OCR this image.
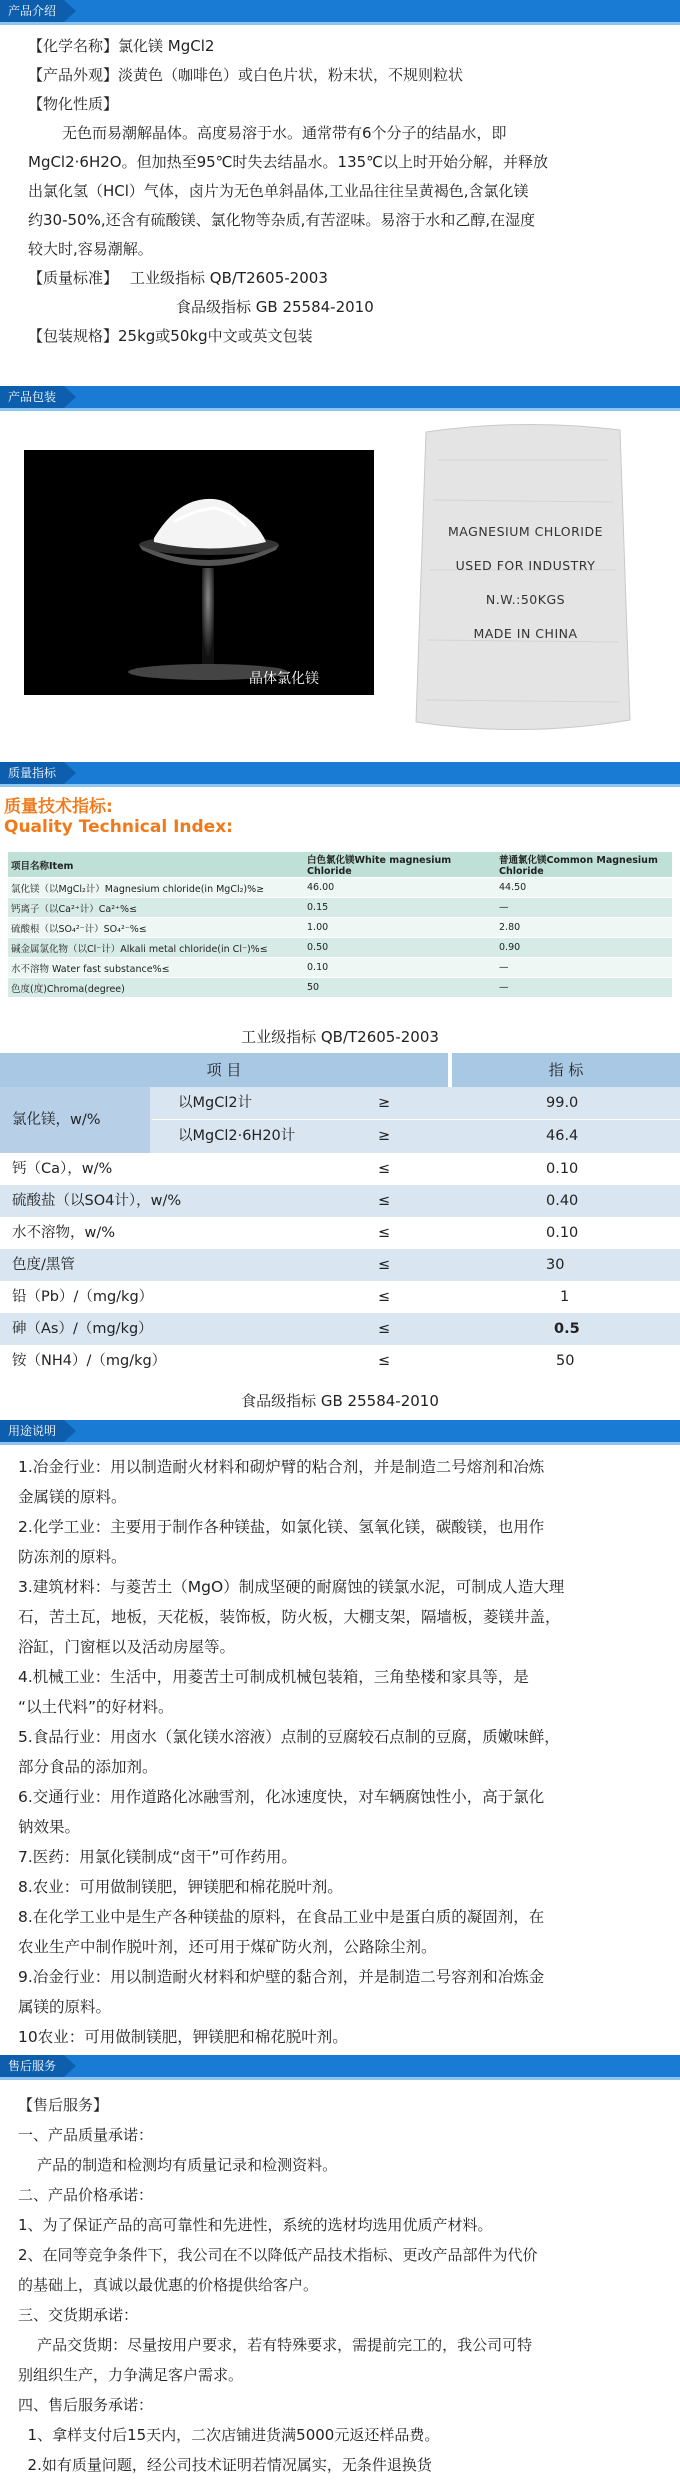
产品介绍

【化学名称】氯化镁 MgCl2

【产品外观】淡黄色（咖啡色）或白色片状，粉末状，不规则粒状

【物化性质】

无色而易潮解晶体。高度易溶于水。通常带有6个分子的结晶水，即

MgCl2·6H2O。但加热至95℃时失去结晶水。135℃以上时开始分解，并释放

出氯化氢（HCl）气体，卤片为无色单斜晶体,工业品往往呈黄褐色,含氯化镁

约30-50%,还含有硫酸镁、氯化物等杂质,有苦涩味。易溶于水和乙醇,在湿度

较大时,容易潮解。

【质量标准】 工业级指标 QB/T2605-2003

食品级指标 GB 25584-2010

【包装规格】25kg或50kg中文或英文包装

产品包装
晶体氯化镁
MAGNESIUM CHLORIDE
USED FOR INDUSTRY
N.W.:50KGS
MADE IN CHINA
质量指标
质量技术指标:
Quality Technical Index:
项目名称Item	白色氯化镁White magnesium Chloride	普通氯化镁Common Magnesium Chloride
氯化镁（以MgCl₂计）Magnesium chloride(in MgCl₂)%≥	46.00	44.50
钙离子（以Ca²⁺计）Ca²⁺%≤	0.15	—
硫酸根（以SO₄²⁻计）SO₄²⁻%≤	1.00	2.80
碱金属氯化物（以Cl⁻计）Alkali metal chloride(in Cl⁻)%≤	0.50	0.90
水不溶物 Water fast substance%≤	0.10	—
色度(度)Chroma(degree)	50	—
工业级指标 QB/T2605-2003
项 目	指 标
氯化镁，w/%
以MgCl2计	≥	99.0
以MgCl2·6H20计	≥	46.4
钙（Ca），w/%	≤	0.10
硫酸盐（以SO4计），w/%	≤	0.40
水不溶物，w/%	≤	0.10
色度/黑管	≤	30
铅（Pb）/（mg/kg）	≤	1
砷（As）/（mg/kg）	≤	0.5
铵（NH4）/（mg/kg）	≤	50
食品级指标 GB 25584-2010
用途说明

1.冶金行业：用以制造耐火材料和砌炉臂的粘合剂，并是制造二号熔剂和冶炼

金属镁的原料。

2.化学工业：主要用于制作各种镁盐，如氯化镁、氢氧化镁，碳酸镁，也用作

防冻剂的原料。

3.建筑材料：与菱苦土（MgO）制成坚硬的耐腐蚀的镁氯水泥，可制成人造大理

石，苦土瓦，地板，天花板，装饰板，防火板，大棚支架，隔墙板，菱镁井盖，

浴缸，门窗框以及活动房屋等。

4.机械工业：生活中，用菱苦土可制成机械包装箱，三角垫楼和家具等，是

“以土代料”的好材料。

5.食品行业：用卤水（氯化镁水溶液）点制的豆腐较石点制的豆腐，质嫩味鲜，

部分食品的添加剂。

6.交通行业：用作道路化冰融雪剂，化冰速度快，对车辆腐蚀性小，高于氯化

钠效果。

7.医药：用氯化镁制成“卤干”可作药用。

8.农业：可用做制镁肥，钾镁肥和棉花脱叶剂。

8.在化学工业中是生产各种镁盐的原料，在食品工业中是蛋白质的凝固剂，在

农业生产中制作脱叶剂，还可用于煤矿防火剂，公路除尘剂。

9.冶金行业：用以制造耐火材料和炉壁的黏合剂，并是制造二号容剂和冶炼金

属镁的原料。

10农业：可用做制镁肥，钾镁肥和棉花脱叶剂。

售后服务

【售后服务】

一、产品质量承诺：

产品的制造和检测均有质量记录和检测资料。

二、产品价格承诺：

1、为了保证产品的高可靠性和先进性，系统的选材均选用优质产材料。

2、在同等竞争条件下，我公司在不以降低产品技术指标、更改产品部件为代价

的基础上，真诚以最优惠的价格提供给客户。

三、交货期承诺：

产品交货期：尽量按用户要求，若有特殊要求，需提前完工的，我公司可特

别组织生产，力争满足客户需求。

四、售后服务承诺：

1、拿样支付后15天内，二次店铺进货满5000元返还样品费。

2.如有质量问题，经公司技术证明若情况属实，无条件退换货
